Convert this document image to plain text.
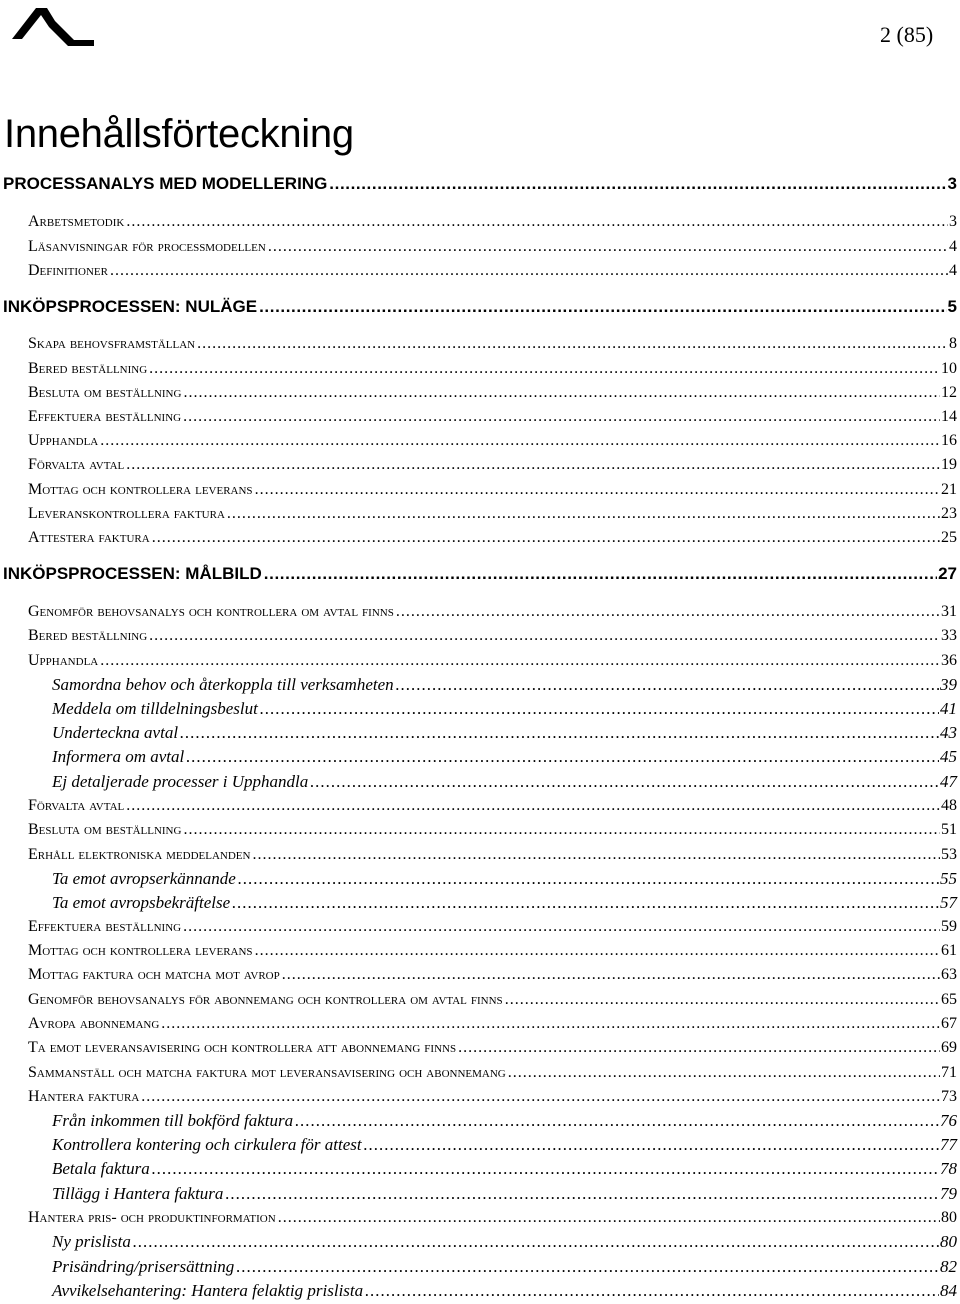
2 (85)
Innehållsförteckning
PROCESSANALYS MED MODELLERING .....	3
Arbetsmetodik .....	3
Läsanvisningar för processmodellen .....	4
Definitioner .....	4
INKÖPSPROCESSEN: NULÄGE .....	5
Skapa behovsframställan .....	8
Bered beställning .....	10
Besluta om beställning .....	12
Effektuera beställning .....	14
Upphandla .....	16
Förvalta avtal .....	19
Mottag och kontrollera leverans .....	21
Leveranskontrollera faktura .....	23
Attestera faktura .....	25
INKÖPSPROCESSEN: MÅLBILD .....	27
Genomför behovsanalys och kontrollera om avtal finns .....	31
Bered beställning .....	33
Upphandla .....	36
Samordna behov och återkoppla till verksamheten .....	39
Meddela om tilldelningsbeslut .....	41
Underteckna avtal .....	43
Informera om avtal .....	45
Ej detaljerade processer i Upphandla .....	47
Förvalta avtal .....	48
Besluta om beställning .....	51
Erhåll elektroniska meddelanden .....	53
Ta emot avropserkännande .....	55
Ta emot avropsbekräftelse .....	57
Effektuera beställning .....	59
Mottag och kontrollera leverans .....	61
Mottag faktura och matcha mot avrop .....	63
Genomför behovsanalys för abonnemang och kontrollera om avtal finns .....	65
Avropa abonnemang .....	67
Ta emot leveransavisering och kontrollera att abonnemang finns .....	69
Sammanställ och matcha faktura mot leveransavisering och abonnemang .....	71
Hantera faktura .....	73
Från inkommen till bokförd faktura .....	76
Kontrollera kontering och cirkulera för attest .....	77
Betala faktura .....	78
Tillägg i Hantera faktura .....	79
Hantera pris- och produktinformation .....	80
Ny prislista .....	80
Prisändring/prisersättning .....	82
Avvikelsehantering: Hantera felaktig prislista .....	84
